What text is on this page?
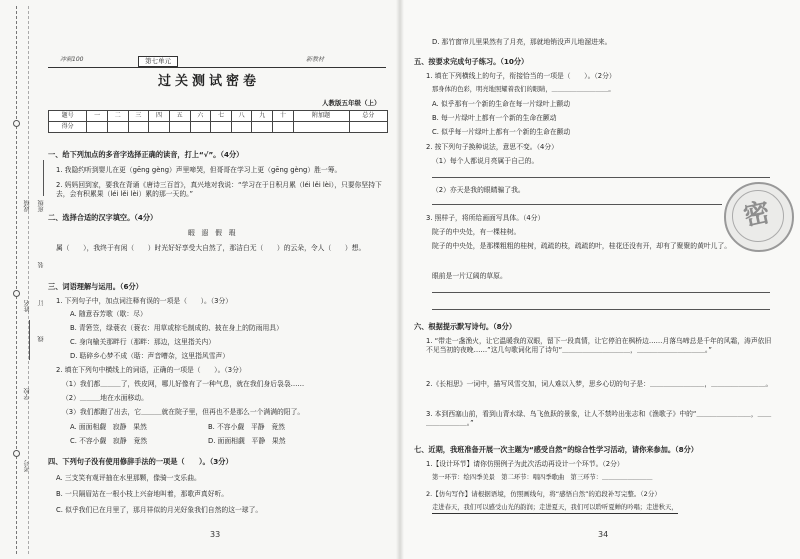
班级
装
订
线
姓名
学校
成绩
考号
冲刺100	第七单元	新教材
过关测试密卷
人教版五年级（上）
题号	一	二	三	四	五	六	七	八	九	十	附加题	总分
得分												
一、给下列加点的多音字选择正确的读音，打上“√”。（4分）
1. 我隐约听到婴儿在更（gēng gèng）声里啼哭，但哥哥在学习上更（gēng gèng）胜一筹。
2. 妈妈回到家，要我在背诵《唐诗三百首》，真兴地对我说：“学习在于日积月累（léi lěi lèi），只要你坚持下去，会有积累果（léi lěi lèi）累的那一天的。”
二、选择合适的汉字填空。（4分）
暇　遐　假　瑕
属（　　），我终于有闲（　　）时光好好享受大自然了，那洁白无（　　）的云朵，令人（　　）想。
三、词语理解与运用。（6分）
1. 下列句子中，加点词注释有误的一项是（　　）。（3分）
A. 随意吞芳歌（歇：尽）
B. 青箬笠，绿蓑衣（蓑衣：用草或棕毛制成的、披在身上的防雨用具）
C. 身向榆关那畔行（那畔：那边，这里指关内）
D. 聒碎乡心梦不成（聒：声音嘈杂，这里指风雪声）
2. 填在下列句中横线上的词语，正确的一项是（　　）。（3分）
（1）我们都＿＿＿了，铁皮网，哪儿好像有了一种气息，就在我们身后袅袅……
（2）＿＿＿地在水面移动。
（3）我们都跑了出去，它＿＿＿就在院子里，但再也不是那么一个满满的阳了。
A. 面面相觑　寂静　果然	B. 不容小觑　平静　竟然
C. 不容小觑　寂静　竟然	D. 面面相觑　平静　果然
四、下列句子没有使用修辞手法的一项是（　　）。（3分）
A. 三支笑有观评抽在水里那颗，像骑一支乐曲。
B. 一只隔眉站在一根小枝上兴奋地叫着，那歌声真好听。
C. 似乎我们已在月里了，那月祥似的月光好象我们自然的这一球了。
33
D. 那竹窗帘儿里果然有了月亮，那就地销没声儿地溜进来。
五、按要求完成句子练习。（10分）
1. 填在下列横线上的句子，衔接恰当的一项是（　　）。（2分）
那身体的色彩，明亮地照耀着我们的眼睛，＿＿＿＿＿＿＿＿＿。
A. 似乎那有一个新的生命在每一片绿叶上颤动
B. 每一片绿叶上都有一个新的生命在颤动
C. 似乎每一片绿叶上都有一个新的生命在颤动
2. 按下列句子换种说法，意思不变。（4分）
（1）每个人都说月亮属于自己的。
（2）亦天是我的眼睛骗了我。
3. 照样子，将所给画面写具体。（4分）
院子的中央处，有一棵桂树。
院子的中央处，是那棵粗粗的桂树，疏疏的枝，疏疏的叶，桂花还没有开，却有了聚聚的黄叶儿了。
眼前是一片辽阔的草原。
六、根据提示默写诗句。（8分）
1. “带走一盏渔火，让它温暖我的双眼，留下一段真情，让它停泊在枫桥边……月落乌啼总是千年的风霜，涛声依旧不见当初的夜晚……”这几句歌词化用了诗句“＿＿＿＿＿＿＿＿＿＿，＿＿＿＿＿＿＿＿＿＿。”
2.《长相思》一词中，描写风雪交加，词人难以入梦，思乡心切的句子是：＿＿＿＿＿＿＿＿，＿＿＿＿＿＿＿＿。
3. 本到西塞山前，看到山青水绿、鸟飞鱼跃的景象，让人不禁吟出张志和《渔歌子》中的“＿＿＿＿＿＿＿＿，＿＿＿＿＿＿＿＿。”
七、近期，我班准备开展一次主题为“感受自然”的综合性学习活动，请你来参加。（8分）
1.【设计环节】请你仿照例子为此次活动再设计一个环节。（2分）
第一环节：绘四季美景　第二环节：唱四季歌曲　第三环节：＿＿＿＿＿＿＿＿
2.【仿句写作】请根据语境，仿照画线句，将“感悟自然”的追段补写完整。（2分）
走进春天，我们可以感受山光的韵润；走进夏天，我们可以聆听夏蝉的吟唱；走进秋天，
34
密
